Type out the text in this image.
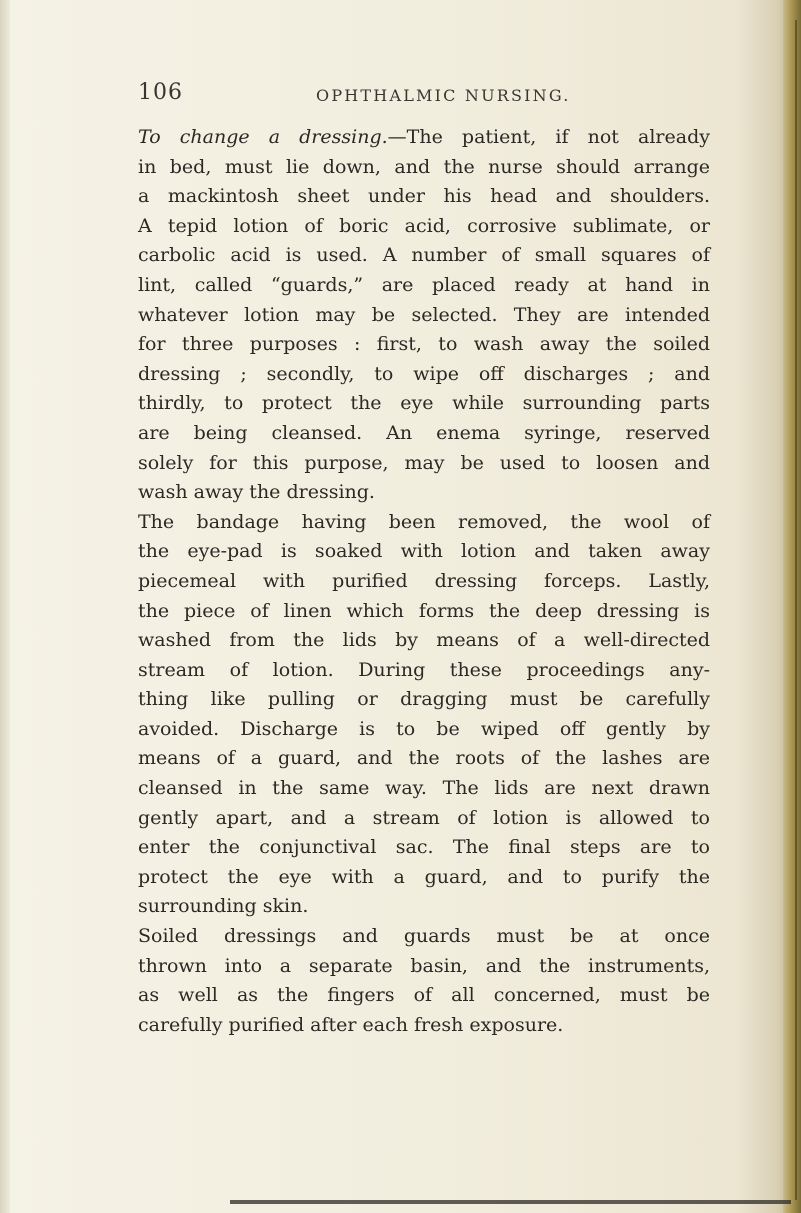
106	OPHTHALMIC NURSING.
To change a dressing.—The patient, if not already
in bed, must lie down, and the nurse should arrange
a mackintosh sheet under his head and shoulders.
A tepid lotion of boric acid, corrosive sublimate, or
carbolic acid is used. A number of small squares of
lint, called “guards,” are placed ready at hand in
whatever lotion may be selected. They are intended
for three purposes : first, to wash away the soiled
dressing ; secondly, to wipe off discharges ; and
thirdly, to protect the eye while surrounding parts
are being cleansed. An enema syringe, reserved
solely for this purpose, may be used to loosen and
wash away the dressing.
The bandage having been removed, the wool of
the eye-pad is soaked with lotion and taken away
piecemeal with purified dressing forceps. Lastly,
the piece of linen which forms the deep dressing is
washed from the lids by means of a well-directed
stream of lotion. During these proceedings any-
thing like pulling or dragging must be carefully
avoided. Discharge is to be wiped off gently by
means of a guard, and the roots of the lashes are
cleansed in the same way. The lids are next drawn
gently apart, and a stream of lotion is allowed to
enter the conjunctival sac. The final steps are to
protect the eye with a guard, and to purify the
surrounding skin.
Soiled dressings and guards must be at once
thrown into a separate basin, and the instruments,
as well as the fingers of all concerned, must be
carefully purified after each fresh exposure.
